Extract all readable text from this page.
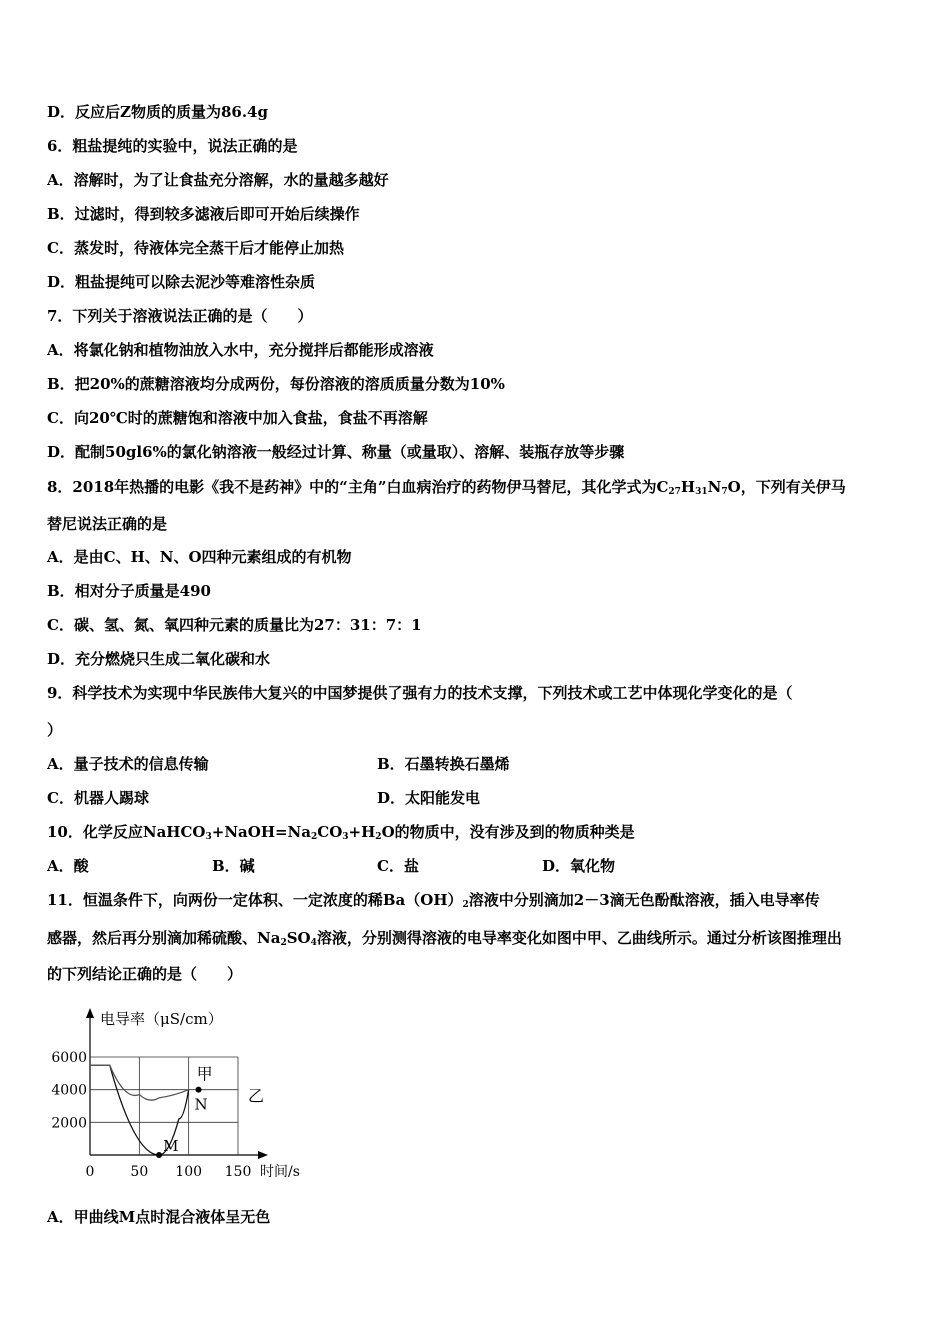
D．反应后Z物质的质量为86.4g
6．粗盐提纯的实验中，说法正确的是
A．溶解时，为了让食盐充分溶解，水的量越多越好
B．过滤时，得到较多滤液后即可开始后续操作
C．蒸发时，待液体完全蒸干后才能停止加热
D．粗盐提纯可以除去泥沙等难溶性杂质
7．下列关于溶液说法正确的是（　　）
A．将氯化钠和植物油放入水中，充分搅拌后都能形成溶液
B．把20%的蔗糖溶液均分成两份，每份溶液的溶质质量分数为10%
C．向20℃时的蔗糖饱和溶液中加入食盐，食盐不再溶解
D．配制50gl6%的氯化钠溶液一般经过计算、称量（或量取）、溶解、装瓶存放等步骤
8．2018年热播的电影《我不是药神》中的“主角”白血病治疗的药物伊马替尼，其化学式为$C_{27}H_{31}N_7O$，下列有关伊马
替尼说法正确的是
A．是由C、H、N、O四种元素组成的有机物
B．相对分子质量是490
C．碳、氢、氮、氧四种元素的质量比为27：31：7：1
D．充分燃烧只生成二氧化碳和水
9．科学技术为实现中华民族伟大复兴的中国梦提供了强有力的技术支撑，下列技术或工艺中体现化学变化的是（
）
A．量子技术的信息传输	B．石墨转换石墨烯
C．机器人踢球	D．太阳能发电
10．化学反应$NaHCO_3+NaOH=Na_2CO_3+H_2O$的物质中，没有涉及到的物质种类是
A．酸	B．碱	C．盐	D．氧化物
11．恒温条件下，向两份一定体积、一定浓度的稀$Ba(OH)_2$溶液中分别滴加2－3滴无色酚酞溶液，插入电导率传
感器，然后再分别滴加稀硫酸、$Na_2SO_4$溶液，分别测得溶液的电导率变化如图中甲、乙曲线所示。通过分析该图推理出
的下列结论正确的是（　　）
6000
4000
2000
0	50 100 150
电导率（μS/cm）
时间/s
M
N
甲
乙
A．甲曲线M点时混合液体呈无色
